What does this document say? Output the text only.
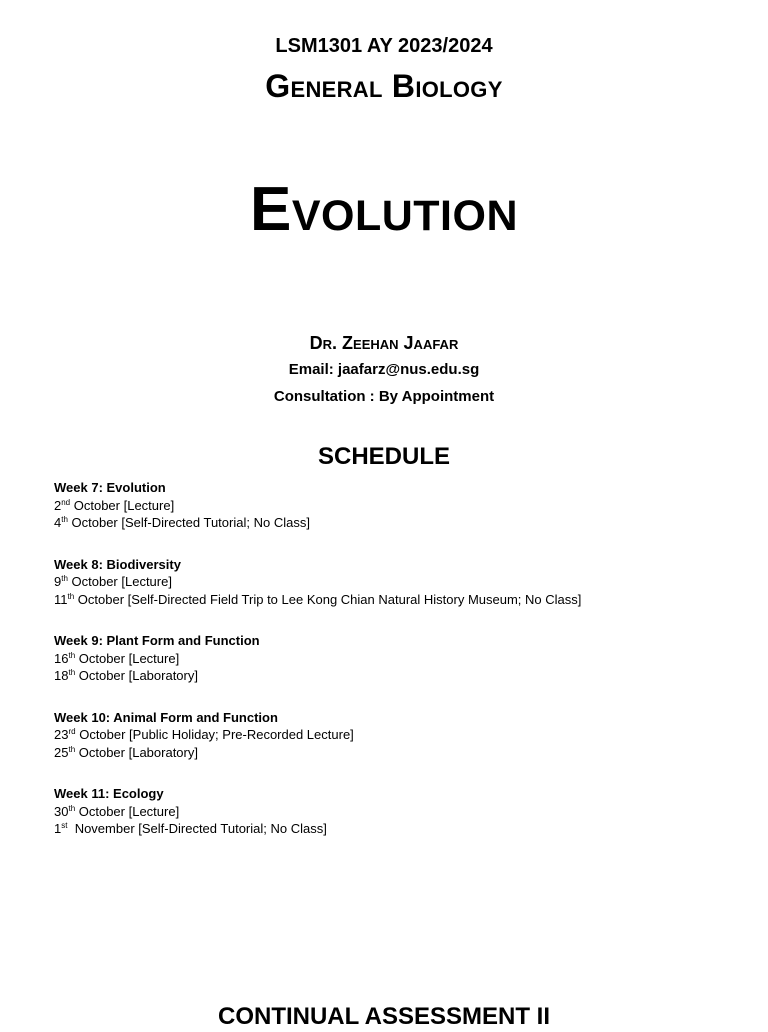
LSM1301 AY 2023/2024
General Biology
Evolution
Dr. Zeehan Jaafar
Email: jaafarz@nus.edu.sg
Consultation : By Appointment
SCHEDULE

Week 7: Evolution

2nd October [Lecture]

4th October [Self-Directed Tutorial; No Class]

Week 8: Biodiversity

9th October [Lecture]

11th October [Self-Directed Field Trip to Lee Kong Chian Natural History Museum; No Class]

Week 9: Plant Form and Function

16th October [Lecture]

18th October [Laboratory]

Week 10: Animal Form and Function

23rd October [Public Holiday; Pre-Recorded Lecture]

25th October [Laboratory]

Week 11: Ecology

30th October [Lecture]

1st  November [Self-Directed Tutorial; No Class]

CONTINUAL ASSESSMENT II
